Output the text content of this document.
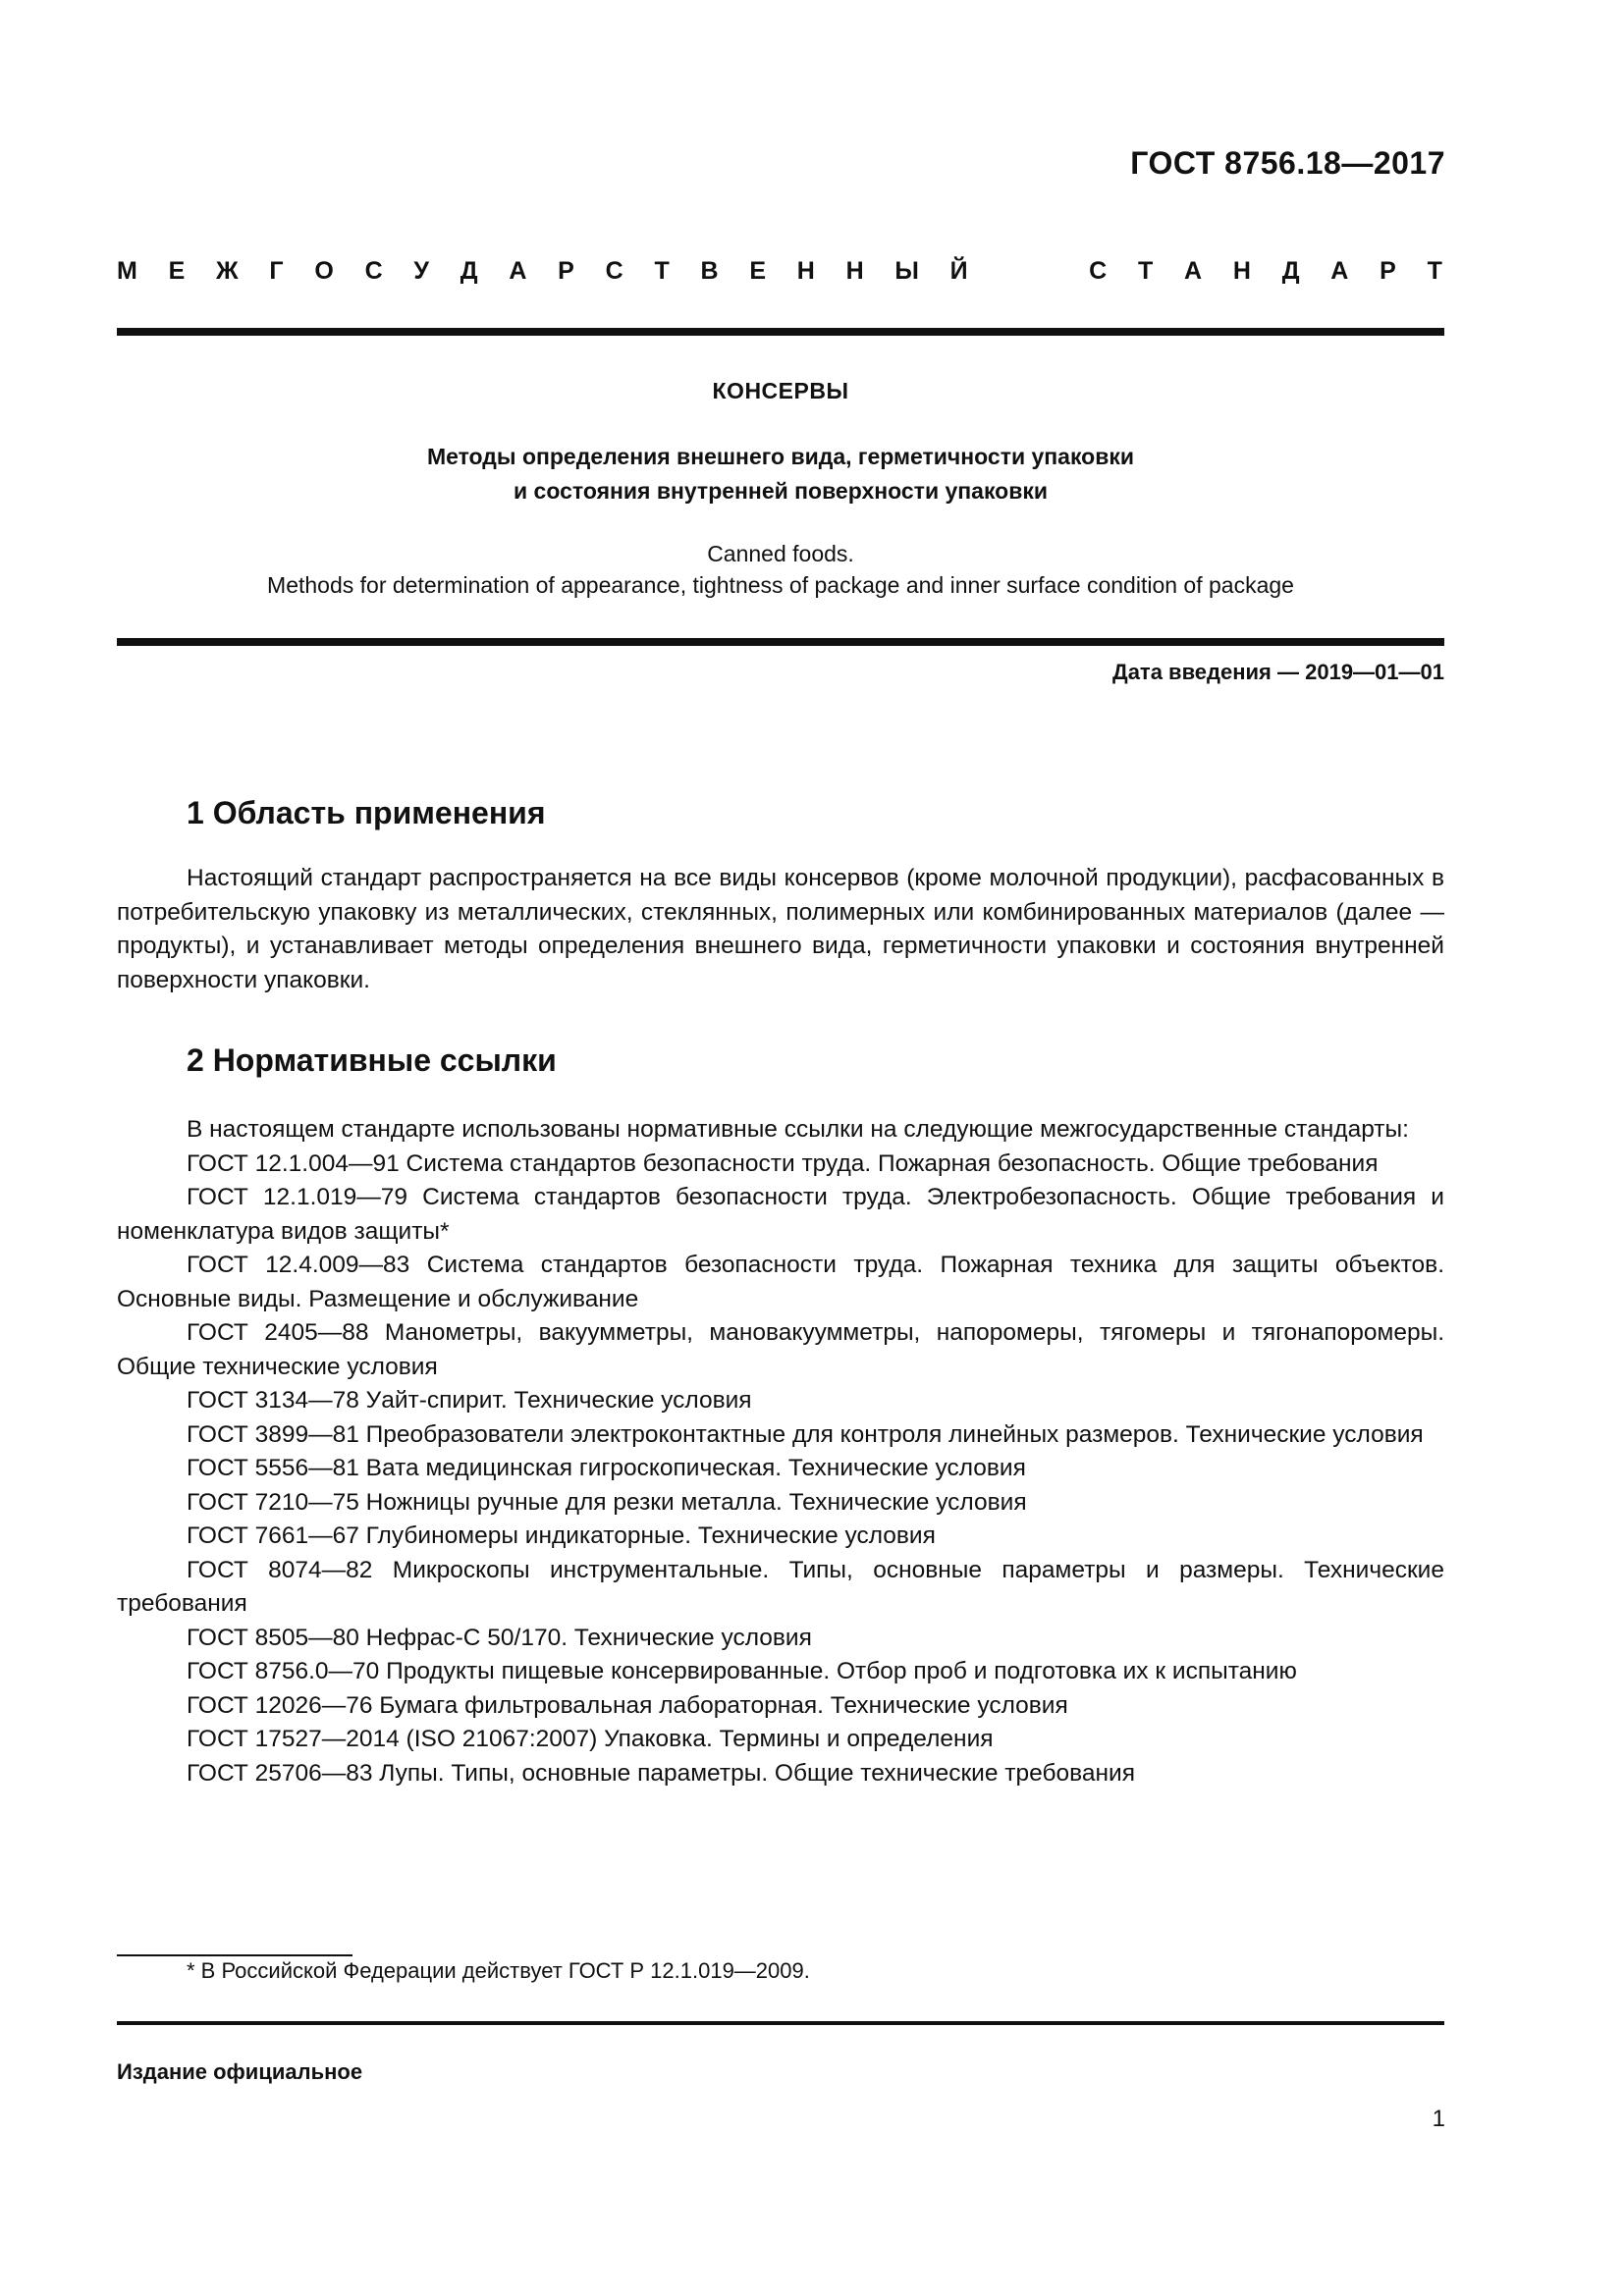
ГОСТ 8756.18—2017
М Е Ж Г О С У Д А Р С Т В Е Н Н Ы Й	С Т А Н Д А Р Т
КОНСЕРВЫ
Методы определения внешнего вида, герметичности упаковки
и состояния внутренней поверхности упаковки
Canned foods.
Methods for determination of appearance, tightness of package and inner surface condition of package
Дата введения — 2019—01—01
1 Область применения

Настоящий стандарт распространяется на все виды консервов (кроме молочной продукции), расфасованных в потребительскую упаковку из металлических, стеклянных, полимерных или комбинированных материалов (далее — продукты), и устанавливает методы определения внешнего вида, герметичности упаковки и состояния внутренней поверхности упаковки.

2 Нормативные ссылки

В настоящем стандарте использованы нормативные ссылки на следующие межгосударственные стандарты:

ГОСТ 12.1.004—91 Система стандартов безопасности труда. Пожарная безопасность. Общие требования

ГОСТ 12.1.019—79 Система стандартов безопасности труда. Электробезопасность. Общие требования и номенклатура видов защиты*

ГОСТ 12.4.009—83 Система стандартов безопасности труда. Пожарная техника для защиты объектов. Основные виды. Размещение и обслуживание

ГОСТ 2405—88 Манометры, вакуумметры, мановакуумметры, напоромеры, тягомеры и тягонапоромеры. Общие технические условия

ГОСТ 3134—78 Уайт-спирит. Технические условия

ГОСТ 3899—81 Преобразователи электроконтактные для контроля линейных размеров. Технические условия

ГОСТ 5556—81 Вата медицинская гигроскопическая. Технические условия

ГОСТ 7210—75 Ножницы ручные для резки металла. Технические условия

ГОСТ 7661—67 Глубиномеры индикаторные. Технические условия

ГОСТ 8074—82 Микроскопы инструментальные. Типы, основные параметры и размеры. Технические требования

ГОСТ 8505—80 Нефрас-С 50/170. Технические условия

ГОСТ 8756.0—70 Продукты пищевые консервированные. Отбор проб и подготовка их к испытанию

ГОСТ 12026—76 Бумага фильтровальная лабораторная. Технические условия

ГОСТ 17527—2014 (ISO 21067:2007) Упаковка. Термины и определения

ГОСТ 25706—83 Лупы. Типы, основные параметры. Общие технические требования

* В Российской Федерации действует ГОСТ Р 12.1.019—2009.
Издание официальное
1
